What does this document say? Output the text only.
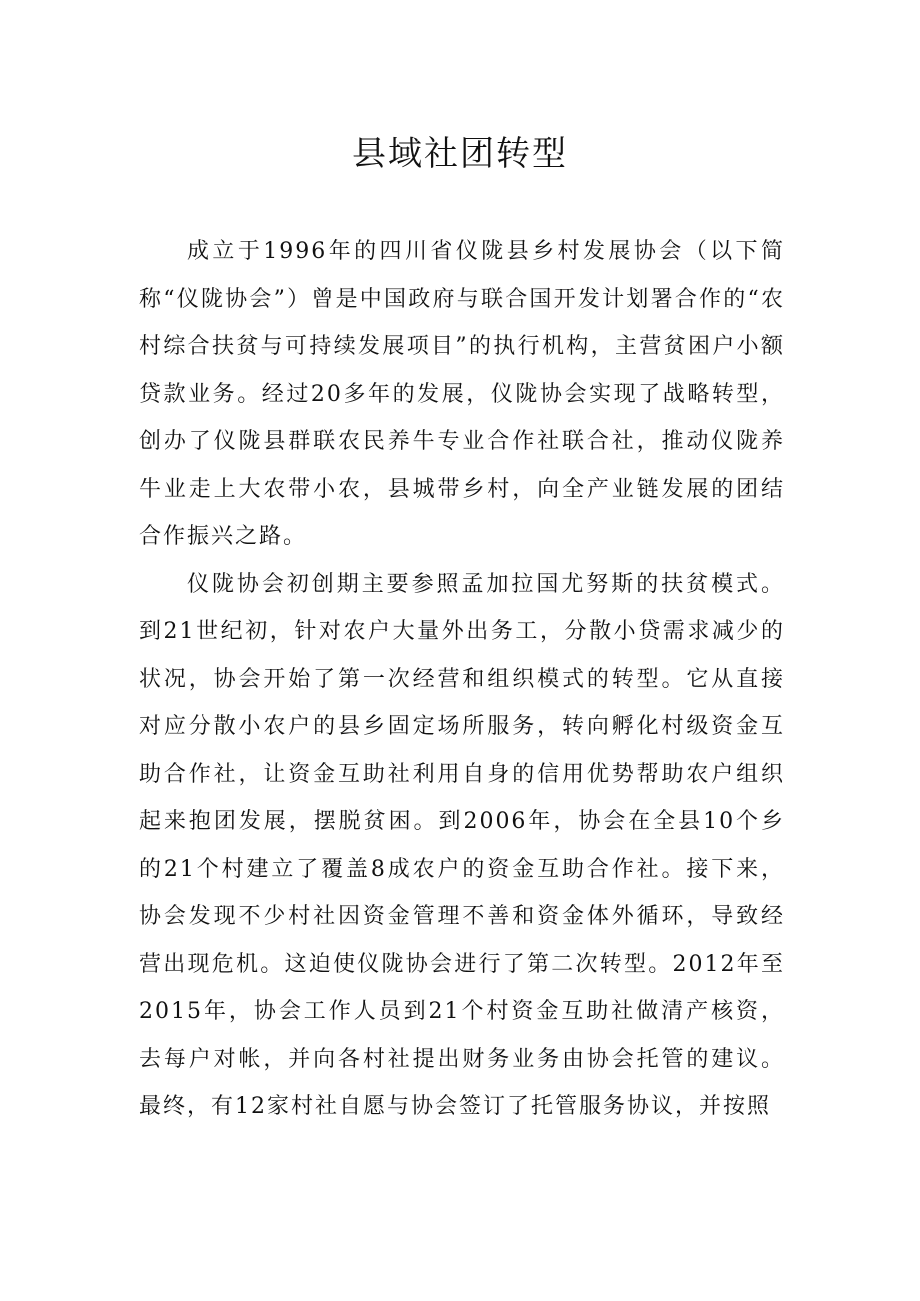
县域社团转型

成立于1996年的四川省仪陇县乡村发展协会（以下简称“仪陇协会”）曾是中国政府与联合国开发计划署合作的“农村综合扶贫与可持续发展项目”的执行机构，主营贫困户小额贷款业务。经过20多年的发展，仪陇协会实现了战略转型，创办了仪陇县群联农民养牛专业合作社联合社，推动仪陇养牛业走上大农带小农，县城带乡村，向全产业链发展的团结合作振兴之路。

仪陇协会初创期主要参照孟加拉国尤努斯的扶贫模式。到21世纪初，针对农户大量外出务工，分散小贷需求减少的状况，协会开始了第一次经营和组织模式的转型。它从直接对应分散小农户的县乡固定场所服务，转向孵化村级资金互助合作社，让资金互助社利用自身的信用优势帮助农户组织起来抱团发展，摆脱贫困。到2006年，协会在全县10个乡的21个村建立了覆盖8成农户的资金互助合作社。接下来，协会发现不少村社因资金管理不善和资金体外循环，导致经营出现危机。这迫使仪陇协会进行了第二次转型。2012年至2015年，协会工作人员到21个村资金互助社做清产核资，去每户对帐，并向各村社提出财务业务由协会托管的建议。最终，有12家村社自愿与协会签订了托管服务协议，并按照
